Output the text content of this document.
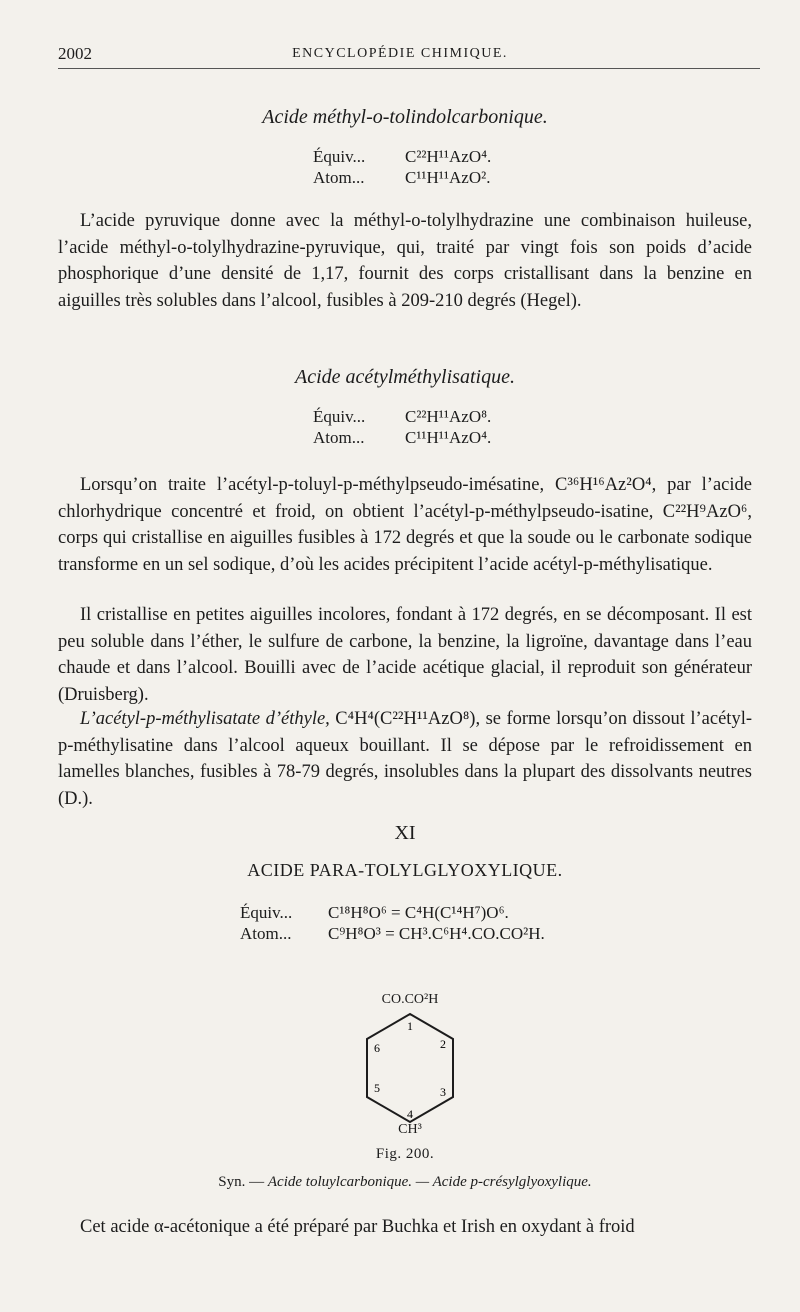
2002	ENCYCLOPÉDIE CHIMIQUE.
Acide méthyl-o-tolindolcarbonique.
Équiv... C²²H¹¹AzO⁴.
Atom... C¹¹H¹¹AzO².
L’acide pyruvique donne avec la méthyl-o-tolylhydrazine une combinaison huileuse, l’acide méthyl-o-tolylhydrazine-pyruvique, qui, traité par vingt fois son poids d’acide phosphorique d’une densité de 1,17, fournit des corps cristallisant dans la benzine en aiguilles très solubles dans l’alcool, fusibles à 209-210 degrés (Hegel).
Acide acétylméthylisatique.
Équiv... C²²H¹¹AzO⁸.
Atom... C¹¹H¹¹AzO⁴.
Lorsqu’on traite l’acétyl-p-toluyl-p-méthylpseudo-imésatine, C³⁶H¹⁶Az²O⁴, par l’acide chlorhydrique concentré et froid, on obtient l’acétyl-p-méthylpseudo-isatine, C²²H⁹AzO⁶, corps qui cristallise en aiguilles fusibles à 172 degrés et que la soude ou le carbonate sodique transforme en un sel sodique, d’où les acides précipitent l’acide acétyl-p-méthylisatique.
Il cristallise en petites aiguilles incolores, fondant à 172 degrés, en se décomposant. Il est peu soluble dans l’éther, le sulfure de carbone, la benzine, la ligroïne, davantage dans l’eau chaude et dans l’alcool. Bouilli avec de l’acide acétique glacial, il reproduit son générateur (Druisberg).
L’acétyl-p-méthylisatate d’éthyle, C⁴H⁴(C²²H¹¹AzO⁸), se forme lorsqu’on dissout l’acétyl-p-méthylisatine dans l’alcool aqueux bouillant. Il se dépose par le refroidissement en lamelles blanches, fusibles à 78-79 degrés, insolubles dans la plupart des dissolvants neutres (D.).
XI
ACIDE PARA-TOLYLGLYOXYLIQUE.
Équiv... C¹⁸H⁸O⁶ = C⁴H(C¹⁴H⁷)O⁶.
Atom... C⁹H⁸O³ = CH³.C⁶H⁴.CO.CO²H.
CO.CO²H
1
2
3
4
5
6
CH³
Fig. 200.
Syn. — Acide toluylcarbonique. — Acide p-crésylglyoxylique.
Cet acide α-acétonique a été préparé par Buchka et Irish en oxydant à froid
